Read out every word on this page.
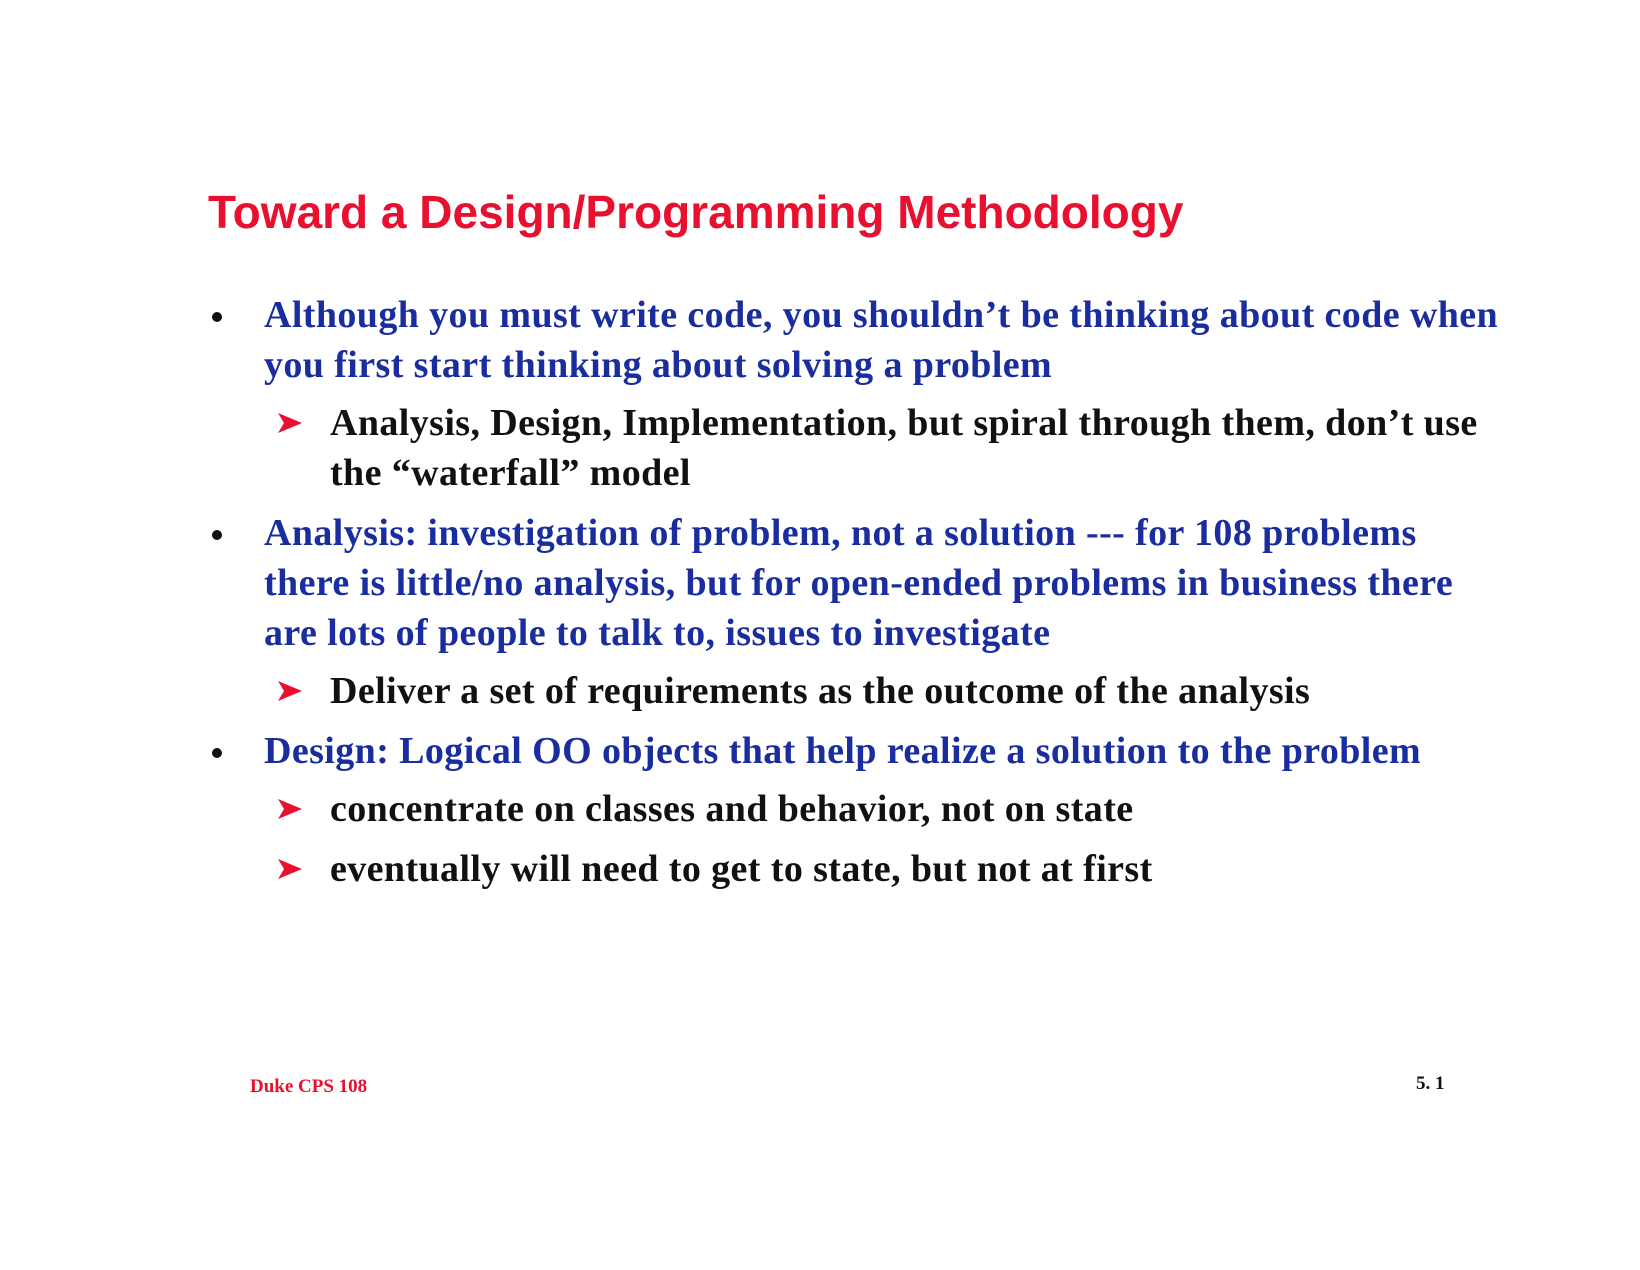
Toward a Design/Programming Methodology
Although you must write code, you shouldn’t be thinking about code when you first start thinking about solving a problem
Analysis, Design, Implementation, but spiral through them, don’t use the “waterfall” model
Analysis: investigation of problem, not a solution --- for 108 problems there is little/no analysis, but for open-ended problems in business there are lots of people to talk to, issues to investigate
Deliver a set of requirements as the outcome of the analysis
Design: Logical OO objects that help realize a solution to the problem
concentrate on classes and behavior, not on state
eventually will need to get to state, but not at first
Duke CPS 108	5. 1
